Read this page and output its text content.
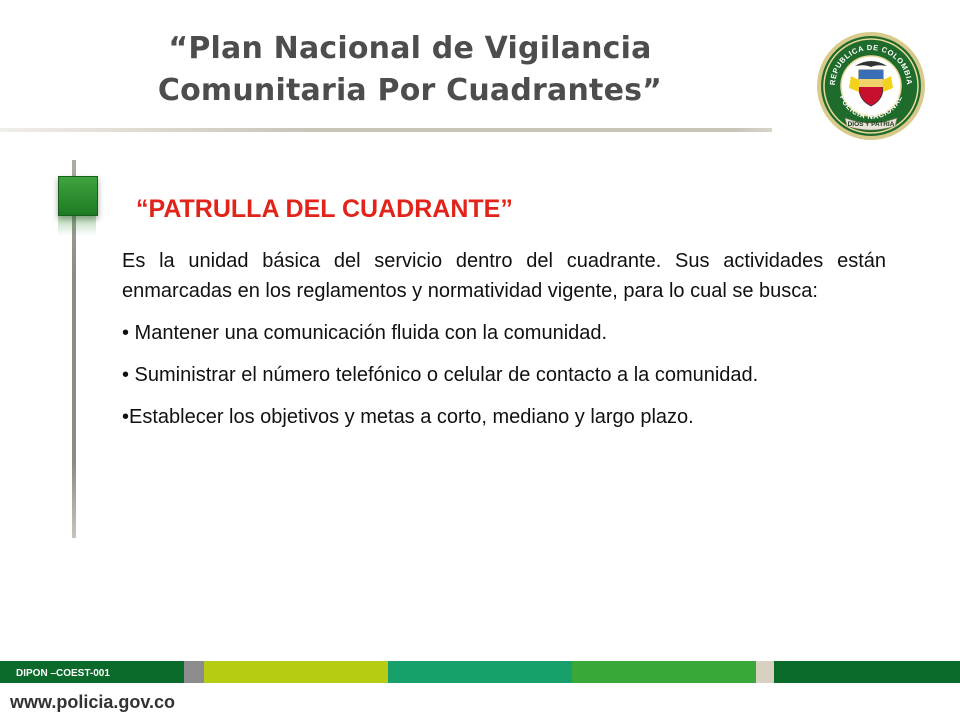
“Plan Nacional de Vigilancia
Comunitaria Por Cuadrantes”	REPUBLICA DE COLOMBIA
POLICIA NACIONAL
DIOS Y PATRIA
“PATRULLA DEL CUADRANTE”

Es la unidad básica del servicio dentro del cuadrante. Sus actividades están enmarcadas en los reglamentos y normatividad vigente, para lo cual se busca:

• Mantener una comunicación fluida con la comunidad.

• Suministrar el número telefónico o celular de contacto a la comunidad.

•Establecer los objetivos y metas a corto, mediano y largo plazo.

DIPON –COEST-001
www.policia.gov.co
